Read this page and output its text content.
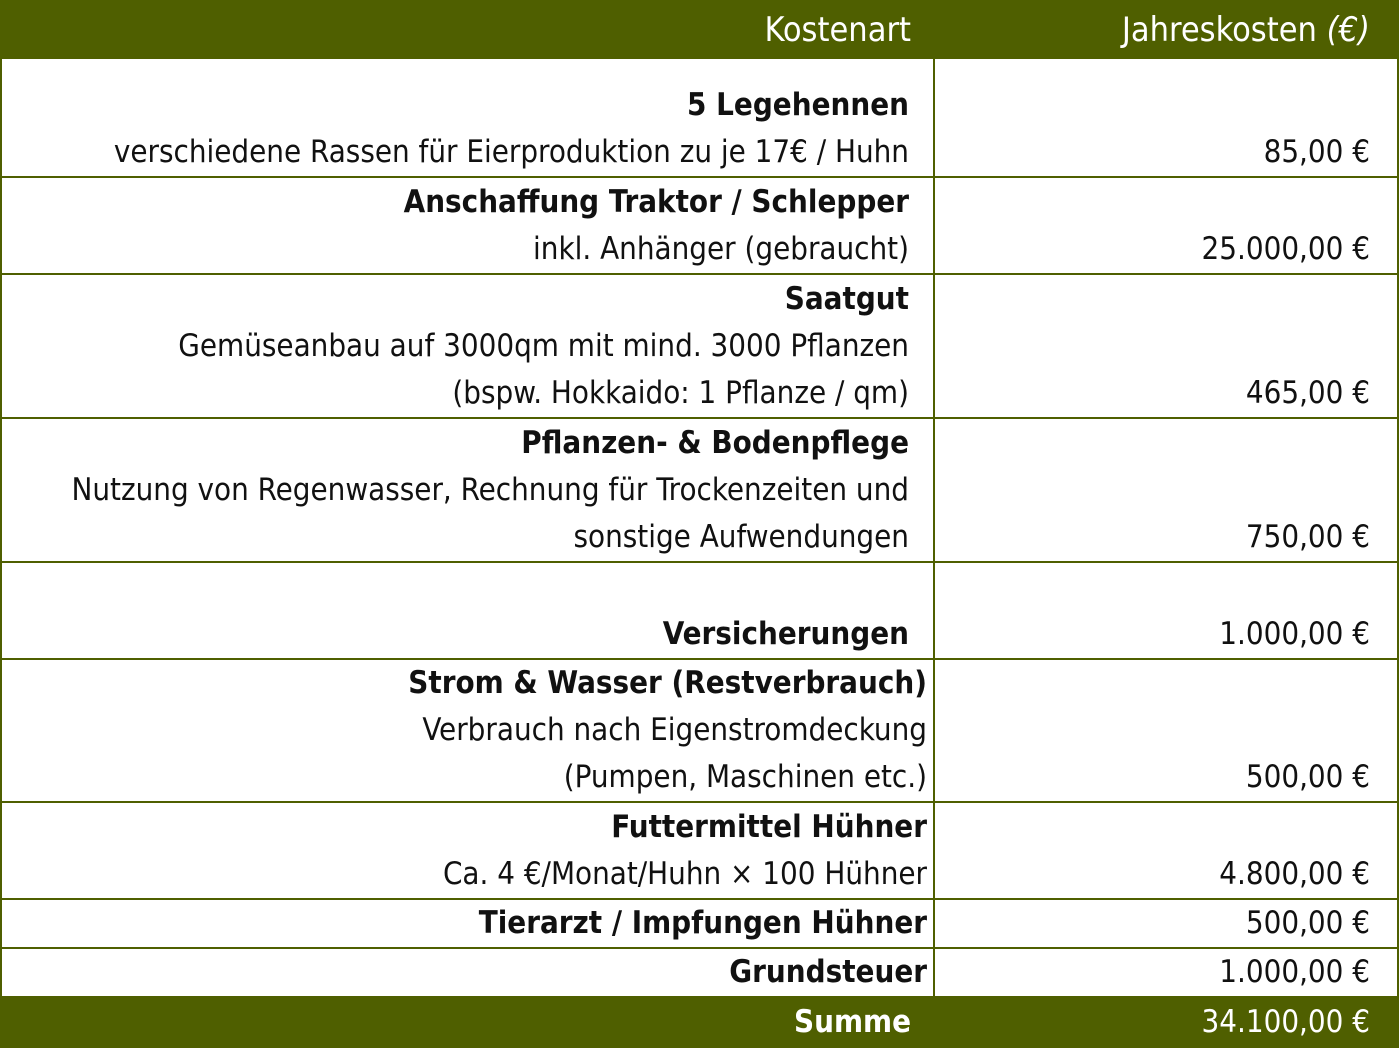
Kostenart	Jahreskosten (€)
5 Legehennen
verschiedene Rassen für Eierproduktion zu je 17€ / Huhn	85,00 €
Anschaffung Traktor / Schlepper
inkl. Anhänger (gebraucht)	25.000,00 €
Saatgut
Gemüseanbau auf 3000qm mit mind. 3000 Pflanzen
(bspw. Hokkaido: 1 Pflanze / qm)	465,00 €
Pflanzen- & Bodenpflege
Nutzung von Regenwasser, Rechnung für Trockenzeiten und
sonstige Aufwendungen	750,00 €
Versicherungen	1.000,00 €
Strom & Wasser (Restverbrauch)
Verbrauch nach Eigenstromdeckung
(Pumpen, Maschinen etc.)	500,00 €
Futtermittel Hühner
Ca. 4 €/Monat/Huhn × 100 Hühner	4.800,00 €
Tierarzt / Impfungen Hühner	500,00 €
Grundsteuer	1.000,00 €
Summe	34.100,00 €
